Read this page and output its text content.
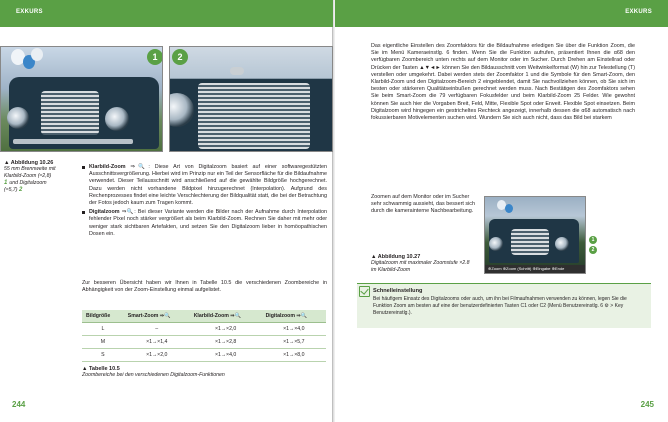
EXKURS
1	2
▲ Abbildung 10.26
55 mm Brennweite mit
Klarbild-Zoom (≈2,8)
1 und Digitalzoom
(≈5,7) 2
Klarbild-Zoom ⇒🔍: Diese Art von Digitalzoom basiert auf einer softwaregestützten Ausschnittsvergrößerung. Hierbei wird im Prinzip nur ein Teil der Sensorfläche für die Bildaufnahme verwendet. Dieser Teilausschnitt wird anschließend auf die gewählte Bildgröße hochgerechnet. Dazu werden nicht vorhandene Bildpixel hinzugerechnet (Interpolation). Aufgrund des Rechenprozesses findet eine leichte Verschlechterung der Bildqualität statt, die bei der Betrachtung der Fotos jedoch kaum zum Tragen kommt.
Digitalzoom ⇒🔍: Bei dieser Variante werden die Bilder nach der Aufnahme durch Interpolation fehlender Pixel noch stärker vergrößert als beim Klarbild-Zoom. Rechnen Sie daher mit mehr oder weniger stark sichtbaren Artefakten, und setzen Sie den Digitalzoom lieber in homöopathischen Dosen ein.
Zur besseren Übersicht haben wir Ihnen in Tabelle 10.5 die verschiedenen Zoombereiche in Abhängigkeit von der Zoom-Einstellung einmal aufgelistet.
Bildgröße	Smart-Zoom ⇒🔍	Klarbild-Zoom ⇒🔍	Digitalzoom ⇒🔍
L	–	×1→×2,0	×1→×4,0
M	×1→×1,4	×1→×2,8	×1→×5,7
S	×1→×2,0	×1→×4,0	×1→×8,0
▲ Tabelle 10.5
Zoombereiche bei den verschiedenen Digitalzoom-Funktionen
244
EXKURS
Das eigentliche Einstellen des Zoomfaktors für die Bildaufnahme erledigen Sie über die Funktion Zoom, die Sie im Menü Kameraeinstlg. 6 finden. Wenn Sie die Funktion aufrufen, präsentiert Ihnen die α68 den verfügbaren Zoombereich unten rechts auf dem Monitor oder im Sucher. Durch Drehen am Einstellrad oder Drücken der Tasten ▲▼◄► können Sie den Bildausschnitt vom Weitwinkelformat (W) hin zur Telestellung (T) verstellen oder umgekehrt. Dabei werden stets der Zoomfaktor 1 und die Symbole für den Smart-Zoom, den Klarbild-Zoom und den Digitalzoom-Bereich 2 eingeblendet, damit Sie nachvollziehen können, ob Sie sich im besten oder stärkeren Qualitätseinbußen gerechnet werden muss. Nach Bestätigen des Zoomfaktors sehen Sie beim Smart-Zoom die 79 verfügbaren Fokusfelder und beim Klarbild-Zoom 25 Felder. Wie gewohnt können Sie auch hier die Vorgaben Breit, Feld, Mitte, Flexible Spot oder Erweit. Flexible Spot einsetzen. Beim Digitalzoom wird hingegen ein gestricheltes Rechteck angezeigt, innerhalb dessen die α68 automatisch nach fokussierbaren Motivelementen suchen wird. Wundern Sie sich auch nicht, dass das Bild bei starkem
Zoomen auf dem Monitor oder im Sucher sehr schwammig aussieht, das bessert sich durch die kamerainterne Nachbearbeitung.
⊕Zoom ⊕Zoom (Schritt) ⊕Eingabe ⊕Ende
1
2
▲ Abbildung 10.27
Digitalzoom mit maximaler Zoomstufe ×2.8
im Klarbild-Zoom
Schnelleinstellung
Bei häufigem Einsatz des Digitalzooms oder auch, um ihn bei Filmaufnahmen verwenden zu können, legen Sie die Funktion Zoom am besten auf eine der benutzerdefinierten Tasten C1 oder C2 (Menü Benutzereinstlg. 6 ⚙ > Key Benutzereinstlg.).
245
